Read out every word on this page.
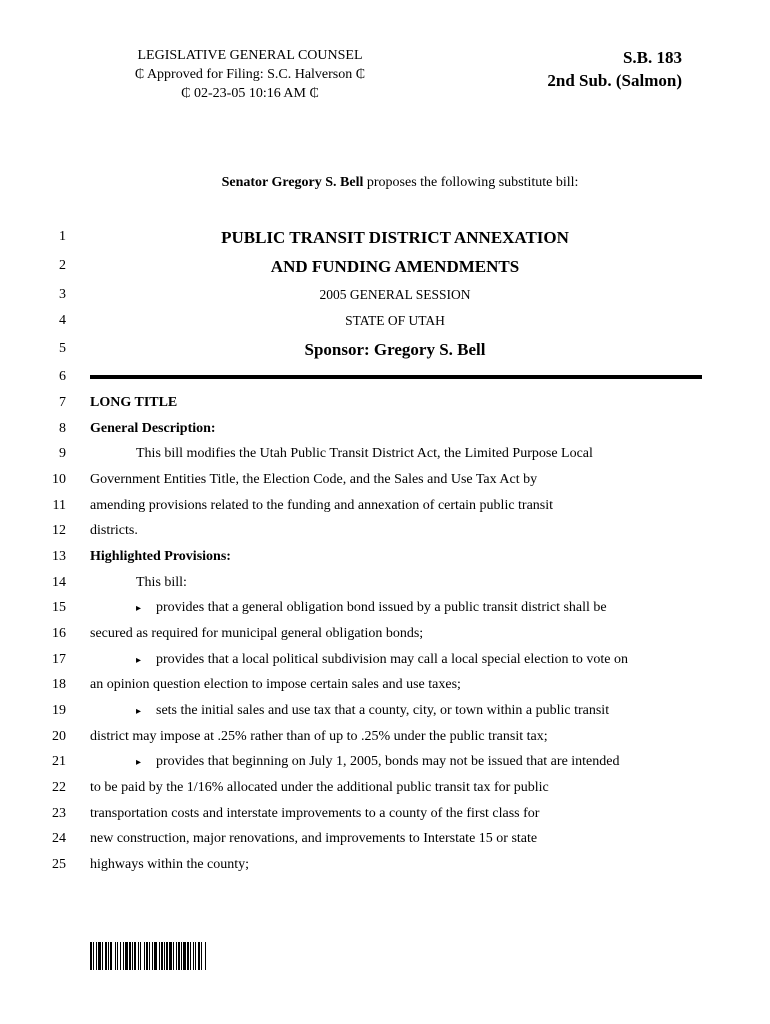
LEGISLATIVE GENERAL COUNSEL
₵ Approved for Filing: S.C. Halverson ₵
₵ 02-23-05 10:16 AM ₵
S.B. 183
2nd Sub. (Salmon)
Senator Gregory S. Bell proposes the following substitute bill:
1
2
3
4
5
6
7
8
9
10
11
12
13
14
15
16
17
18
19
20
21
22
23
24
25
PUBLIC TRANSIT DISTRICT ANNEXATION
AND FUNDING AMENDMENTS
2005 GENERAL SESSION
STATE OF UTAH
Sponsor: Gregory S. Bell
LONG TITLE
General Description:
This bill modifies the Utah Public Transit District Act, the Limited Purpose Local
Government Entities Title, the Election Code, and the Sales and Use Tax Act by
amending provisions related to the funding and annexation of certain public transit
districts.
Highlighted Provisions:
This bill:
▸ provides that a general obligation bond issued by a public transit district shall be
secured as required for municipal general obligation bonds;
▸ provides that a local political subdivision may call a local special election to vote on
an opinion question election to impose certain sales and use taxes;
▸ sets the initial sales and use tax that a county, city, or town within a public transit
district may impose at .25% rather than of up to .25% under the public transit tax;
▸ provides that beginning on July 1, 2005, bonds may not be issued that are intended
to be paid by the 1/16% allocated under the additional public transit tax for public
transportation costs and interstate improvements to a county of the first class for
new construction, major renovations, and improvements to Interstate 15 or state
highways within the county;
